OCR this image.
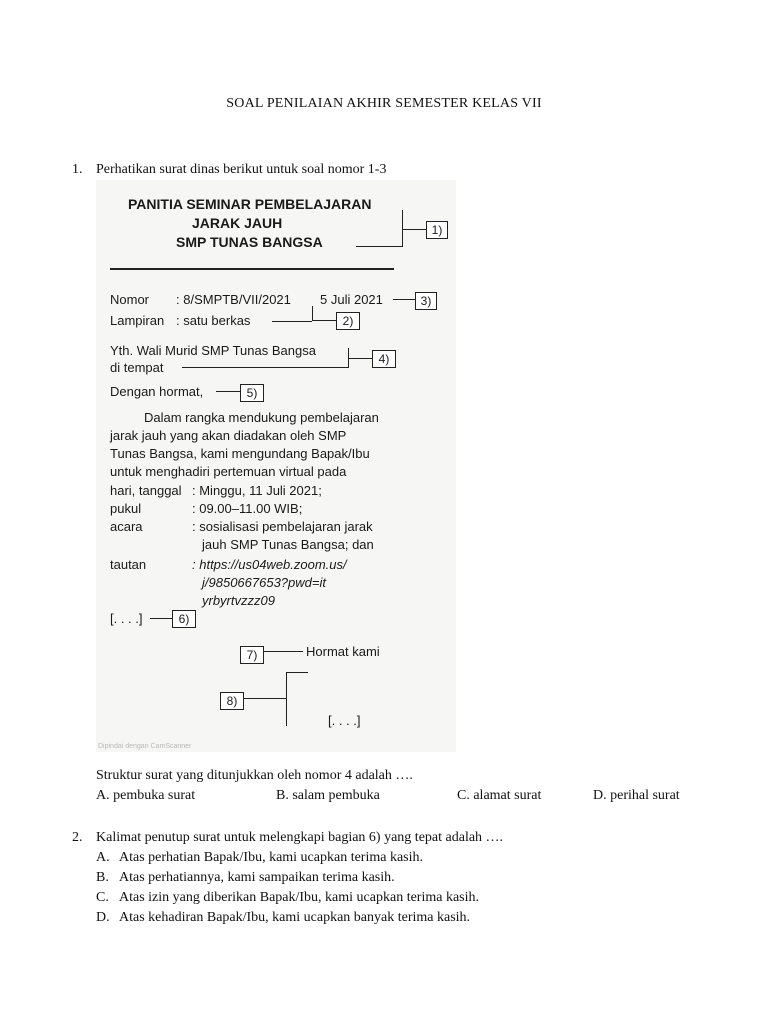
SOAL PENILAIAN AKHIR SEMESTER KELAS VII
1. Perhatikan surat dinas berikut untuk soal nomor 1-3
PANITIA SEMINAR PEMBELAJARAN
JARAK JAUH
SMP TUNAS BANGSA
1)
Nomor : 8/SMPTB/VII/2021 5 Juli 2021	3)
Lampiran : satu berkas	2)
Yth. Wali Murid SMP Tunas Bangsa
di tempat
4)
Dengan hormat,	5)
Dalam rangka mendukung pembelajaran
jarak jauh yang akan diadakan oleh SMP
Tunas Bangsa, kami mengundang Bapak/Ibu
untuk menghadiri pertemuan virtual pada
hari, tanggal : Minggu, 11 Juli 2021;
pukul	: 09.00–11.00 WIB;
acara	: sosialisasi pembelajaran jarak
jauh SMP Tunas Bangsa; dan
tautan	: https://us04web.zoom.us/
j/9850667653?pwd=it
yrbyrtvzzz09
[. . . .]	6)
7)	Hormat kami
8)
[. . . .]
Dipindai dengan CamScanner
Struktur surat yang ditunjukkan oleh nomor 4 adalah ….
A. pembuka surat	B. salam pembuka	C. alamat surat	D. perihal surat
2. Kalimat penutup surat untuk melengkapi bagian 6) yang tepat adalah ….
A. Atas perhatian Bapak/Ibu, kami ucapkan terima kasih.
B. Atas perhatiannya, kami sampaikan terima kasih.
C. Atas izin yang diberikan Bapak/Ibu, kami ucapkan terima kasih.
D. Atas kehadiran Bapak/Ibu, kami ucapkan banyak terima kasih.
